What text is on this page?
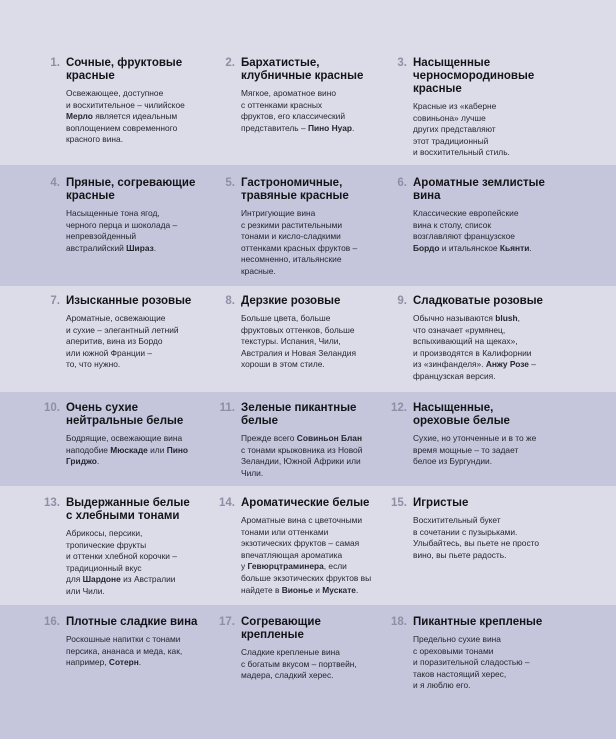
1. Сочные, фруктовые
красные
Освежающее, доступное
и восхитительное – чилийское
Мерло является идеальным
воплощением современного
красного вина.
2. Бархатистые,
клубничные красные
Мягкое, ароматное вино
с оттенками красных
фруктов, его классический
представитель – Пино Нуар.
3. Насыщенные
черносмородиновые
красные
Красные из «каберне
совиньона» лучше
других представляют
этот традиционный
и восхитительный стиль.
4. Пряные, согревающие
красные
Насыщенные тона ягод,
черного перца и шоколада –
непревзойденный
австралийский Шираз.
5. Гастрономичные,
травяные красные
Интригующие вина
с резкими растительными
тонами и кисло-сладкими
оттенками красных фруктов –
несомненно, итальянские
красные.
6. Ароматные землистые
вина
Классические европейские
вина к столу, список
возглавляют французское
Бордо и итальянское Кьянти.
7. Изысканные розовые
Ароматные, освежающие
и сухие – элегантный летний
аперитив, вина из Бордо
или южной Франции –
то, что нужно.
8. Дерзкие розовые
Больше цвета, больше
фруктовых оттенков, больше
текстуры. Испания, Чили,
Австралия и Новая Зеландия
хороши в этом стиле.
9. Сладковатые розовые
Обычно называются blush,
что означает «румянец,
вспыхивающий на щеках»,
и производятся в Калифорнии
из «зинфанделя». Анжу Розе –
французская версия.
10. Очень сухие
нейтральные белые
Бодрящие, освежающие вина
наподобие Мюскаде или Пино
Гриджо.
11. Зеленые пикантные
белые
Прежде всего Совиньон Блан
с тонами крыжовника из Новой
Зеландии, Южной Африки или
Чили.
12. Насыщенные,
ореховые белые
Сухие, но утонченные и в то же
время мощные – то задает
белое из Бургундии.
13. Выдержанные белые
с хлебными тонами
Абрикосы, персики,
тропические фрукты
и оттенки хлебной корочки –
традиционный вкус
для Шардоне из Австралии
или Чили.
14. Ароматические белые
Ароматные вина с цветочными
тонами или оттенками
экзотических фруктов – самая
впечатляющая ароматика
у Гевюрцтраминера, если
больше экзотических фруктов вы
найдете в Вионье и Мускате.
15. Игристые
Восхитительный букет
в сочетании с пузырьками.
Улыбайтесь, вы пьете не просто
вино, вы пьете радость.
16. Плотные сладкие вина
Роскошные напитки с тонами
персика, ананаса и меда, как,
например, Сотерн.
17. Согревающие
крепленые
Сладкие крепленые вина
с богатым вкусом – портвейн,
мадера, сладкий херес.
18. Пикантные крепленые
Предельно сухие вина
с ореховыми тонами
и поразительной сладостью –
таков настоящий херес,
и я люблю его.
